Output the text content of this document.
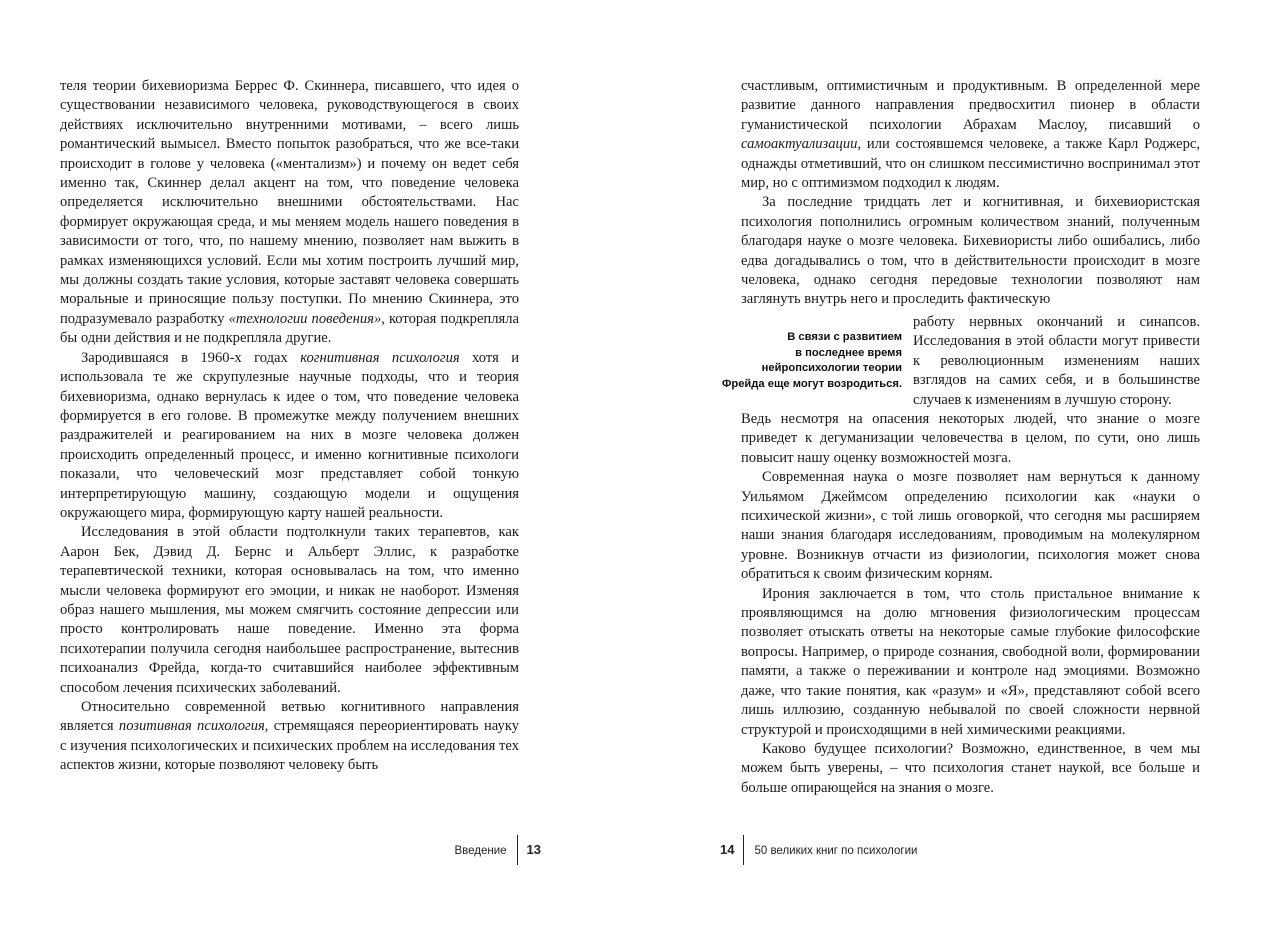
теля теории бихевиоризма Беррес Ф. Скиннера, писавшего, что идея о существовании независимого человека, руководствующегося в своих действиях исключительно внутренними мотивами, – всего лишь романтический вымысел. Вместо попыток разобраться, что же все-таки происходит в голове у человека («ментализм») и почему он ведет себя именно так, Скиннер делал акцент на том, что поведение человека определяется исключительно внешними обстоятельствами. Нас формирует окружающая среда, и мы меняем модель нашего поведения в зависимости от того, что, по нашему мнению, позволяет нам выжить в рамках изменяющихся условий. Если мы хотим построить лучший мир, мы должны создать такие условия, которые заставят человека совершать моральные и приносящие пользу поступки. По мнению Скиннера, это подразумевало разработку «технологии поведения», которая подкрепляла бы одни действия и не подкрепляла другие.

Зародившаяся в 1960-х годах когнитивная психология хотя и использовала те же скрупулезные научные подходы, что и теория бихевиоризма, однако вернулась к идее о том, что поведение человека формируется в его голове. В промежутке между получением внешних раздражителей и реагированием на них в мозге человека должен происходить определенный процесс, и именно когнитивные психологи показали, что человеческий мозг представляет собой тонкую интерпретирующую машину, создающую модели и ощущения окружающего мира, формирующую карту нашей реальности.

Исследования в этой области подтолкнули таких терапевтов, как Аарон Бек, Дэвид Д. Бернс и Альберт Эллис, к разработке терапевтической техники, которая основывалась на том, что именно мысли человека формируют его эмоции, и никак не наоборот. Изменяя образ нашего мышления, мы можем смягчить состояние депрессии или просто контролировать наше поведение. Именно эта форма психотерапии получила сегодня наибольшее распространение, вытеснив психоанализ Фрейда, когда-то считавшийся наиболее эффективным способом лечения психических заболеваний.

Относительно современной ветвью когнитивного направления является позитивная психология, стремящаяся переориентировать науку с изучения психологических и психических проблем на исследования тех аспектов жизни, которые позволяют человеку быть

Введение 13

счастливым, оптимистичным и продуктивным. В определенной мере развитие данного направления предвосхитил пионер в области гуманистической психологии Абрахам Маслоу, писавший о самоактуализации, или состоявшемся человеке, а также Карл Роджерс, однажды отметивший, что он слишком пессимистично воспринимал этот мир, но с оптимизмом подходил к людям.

За последние тридцать лет и когнитивная, и бихевиористская психология пополнились огромным количеством знаний, полученным благодаря науке о мозге человека. Бихевиористы либо ошибались, либо едва догадывались о том, что в действительности происходит в мозге человека, однако сегодня передовые технологии позволяют нам заглянуть внутрь него и проследить фактическую

В связи с развитием
в последнее время
нейропсихологии теории
Фрейда еще могут возродиться.

работу нервных окончаний и синапсов. Исследования в этой области могут привести к революционным изменениям наших взглядов на самих себя, и в большинстве случаев к изменениям в лучшую сторону.

Ведь несмотря на опасения некоторых людей, что знание о мозге приведет к дегуманизации человечества в целом, по сути, оно лишь повысит нашу оценку возможностей мозга.

Современная наука о мозге позволяет нам вернуться к данному Уильямом Джеймсом определению психологии как «науки о психической жизни», с той лишь оговоркой, что сегодня мы расширяем наши знания благодаря исследованиям, проводимым на молекулярном уровне. Возникнув отчасти из физиологии, психология может снова обратиться к своим физическим корням.

Ирония заключается в том, что столь пристальное внимание к проявляющимся на долю мгновения физиологическим процессам позволяет отыскать ответы на некоторые самые глубокие философские вопросы. Например, о природе сознания, свободной воли, формировании памяти, а также о переживании и контроле над эмоциями. Возможно даже, что такие понятия, как «разум» и «Я», представляют собой всего лишь иллюзию, созданную небывалой по своей сложности нервной структурой и происходящими в ней химическими реакциями.

Каково будущее психологии? Возможно, единственное, в чем мы можем быть уверены, – что психология станет наукой, все больше и больше опирающейся на знания о мозге.

14 50 великих книг по психологии
